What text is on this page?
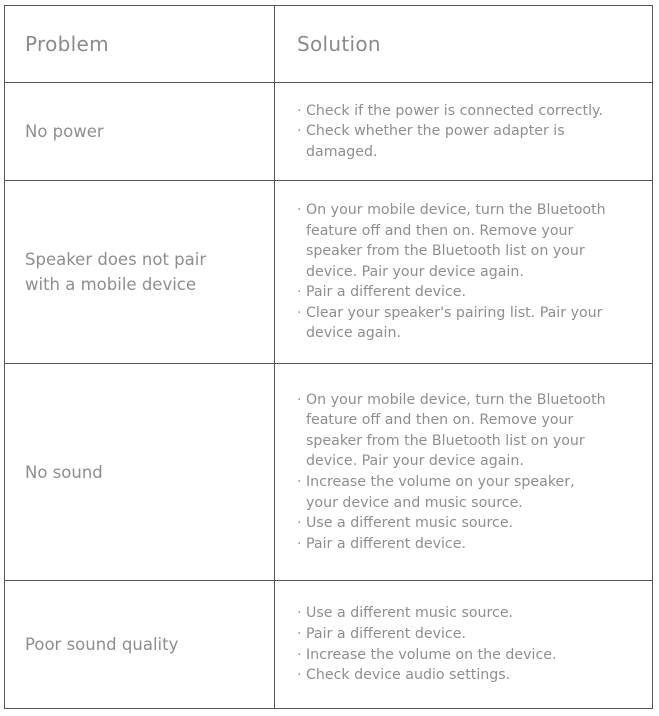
Problem	Solution
No power
· Check if the power is connected correctly.
· Check whether the power adapter is damaged.
Speaker does not pair with a mobile device
· On your mobile device, turn the Bluetooth feature off and then on. Remove your speaker from the Bluetooth list on your device. Pair your device again.
· Pair a different device.
· Clear your speaker's pairing list. Pair your device again.
No sound
· On your mobile device, turn the Bluetooth feature off and then on. Remove your speaker from the Bluetooth list on your device. Pair your device again.
· Increase the volume on your speaker, your device and music source.
· Use a different music source.
· Pair a different device.
Poor sound quality
· Use a different music source.
· Pair a different device.
· Increase the volume on the device.
· Check device audio settings.
